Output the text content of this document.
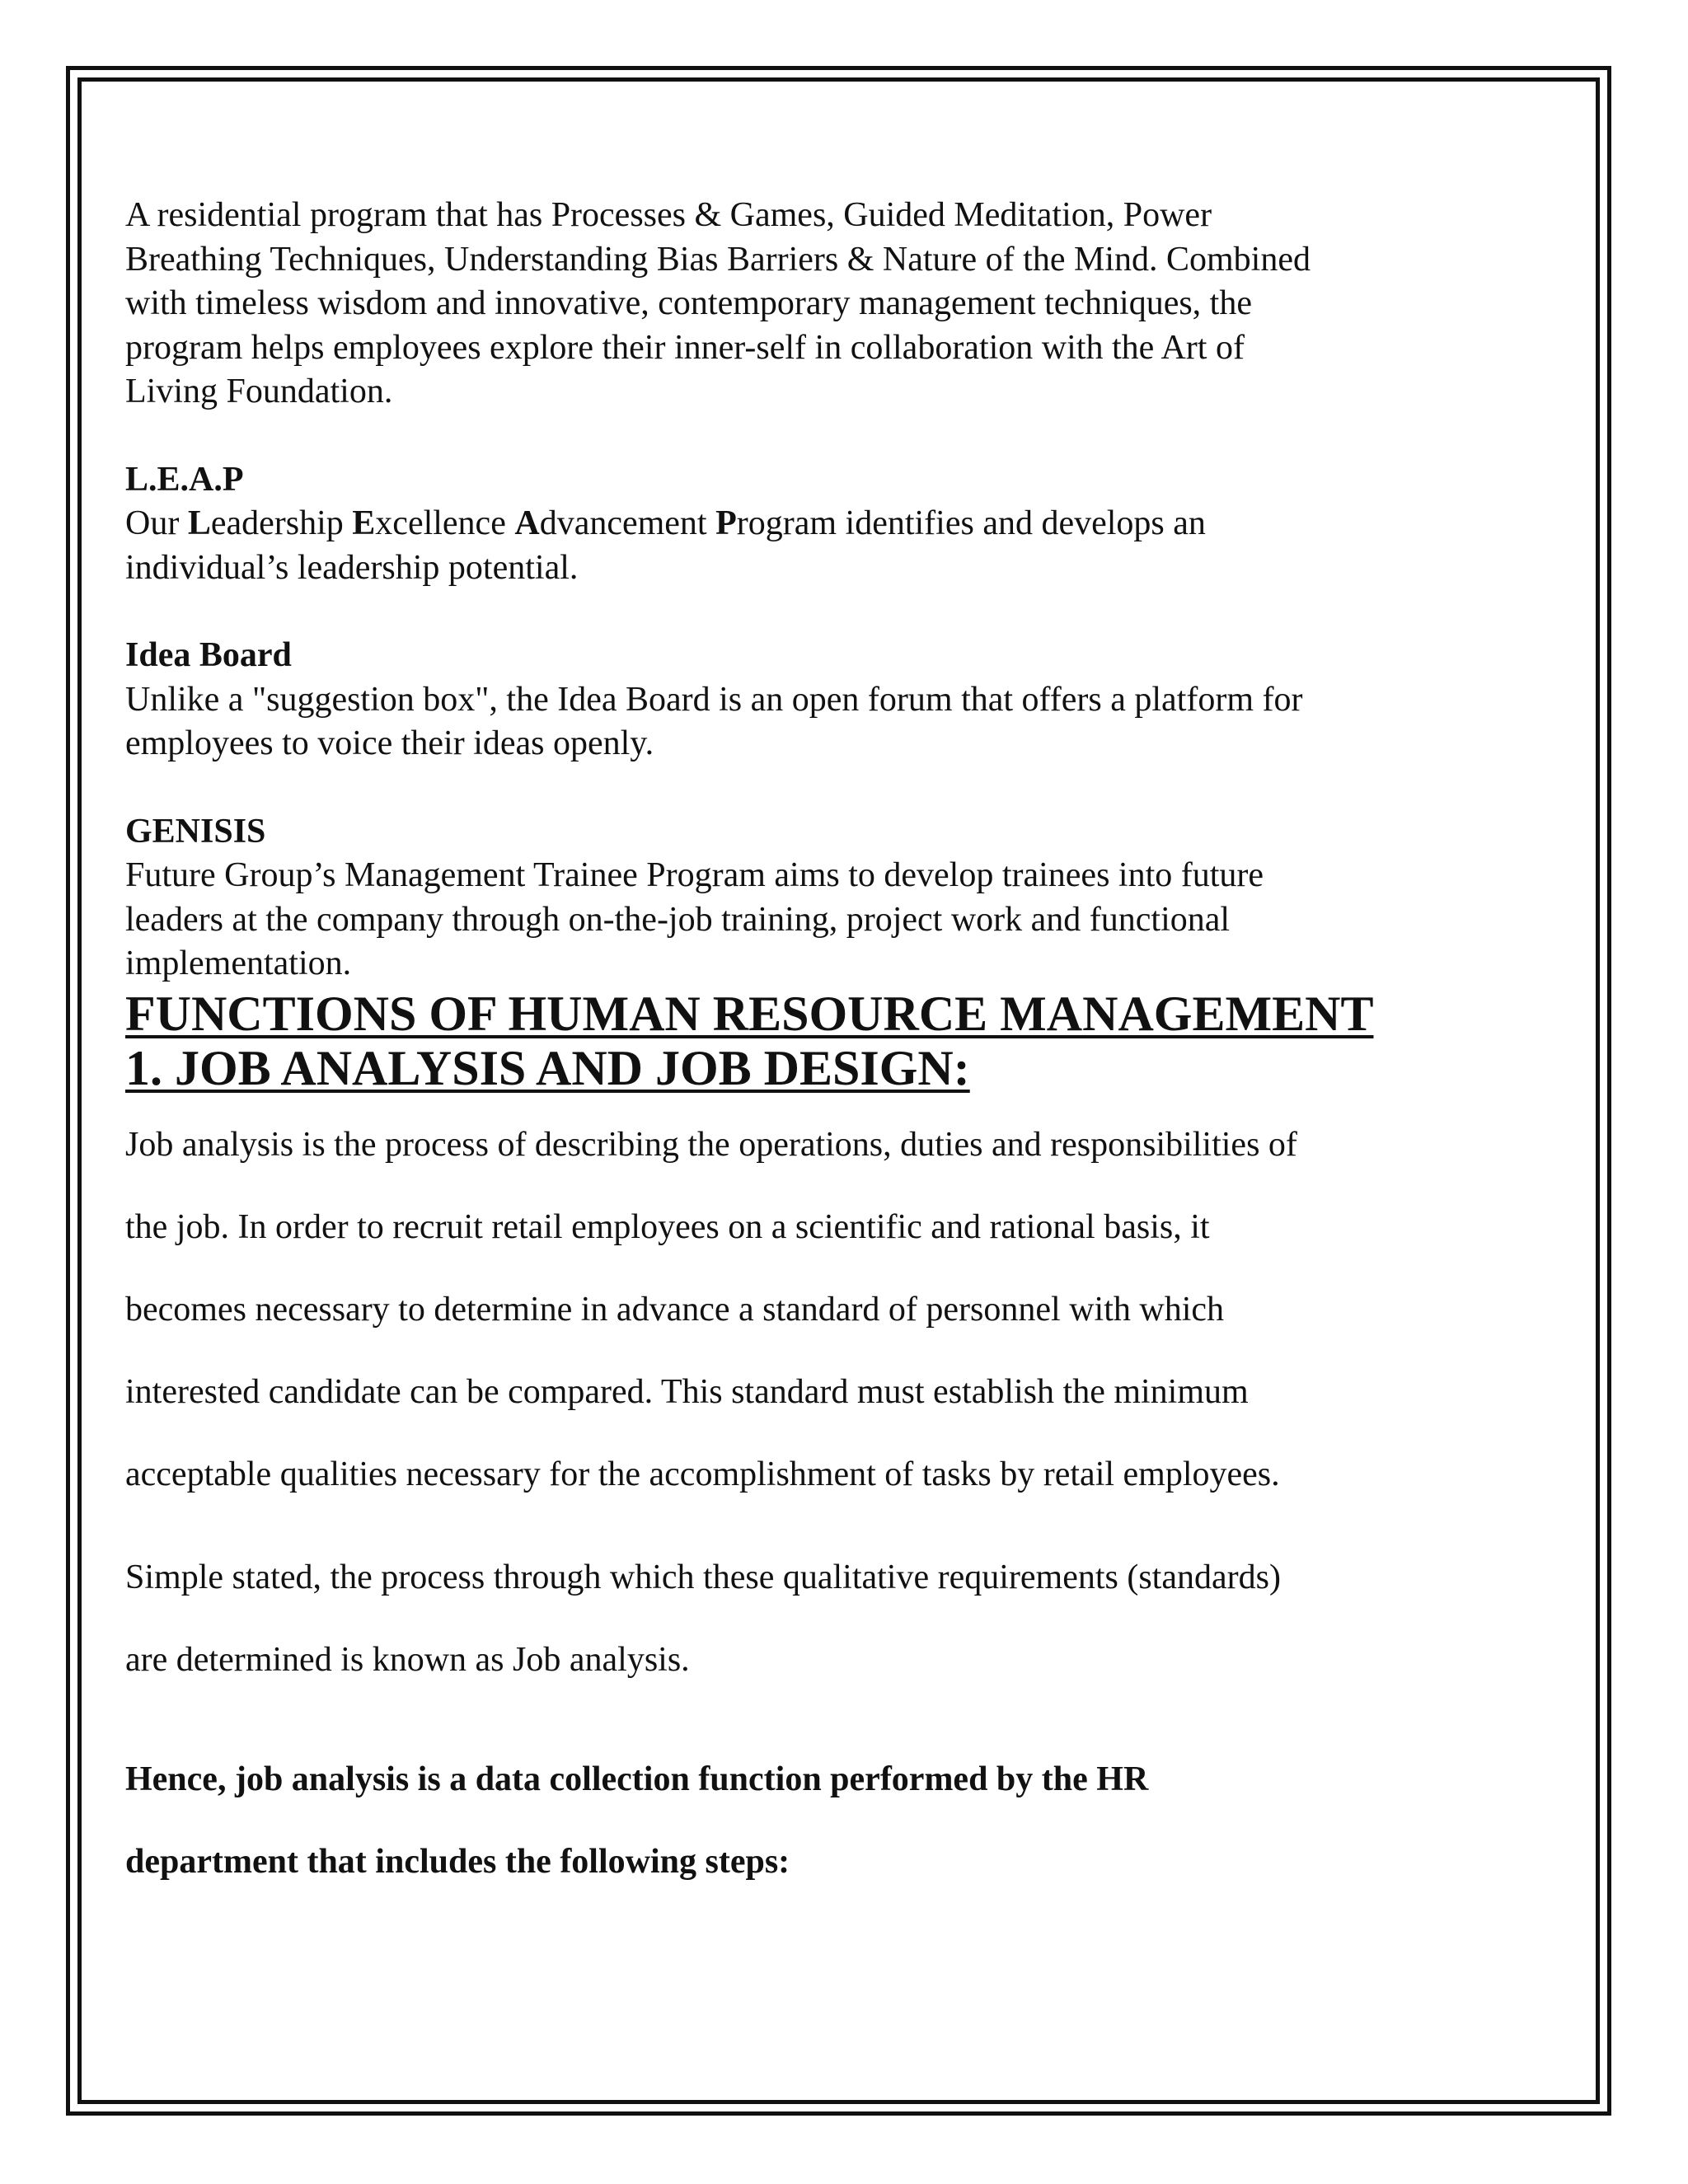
A residential program that has Processes & Games, Guided Meditation, Power

Breathing Techniques, Understanding Bias Barriers & Nature of the Mind. Combined

with timeless wisdom and innovative, contemporary management techniques, the

program helps employees explore their inner-self in collaboration with the Art of

Living Foundation.

L.E.A.P

Our Leadership Excellence Advancement Program identifies and develops an

individual’s leadership potential.

Idea Board

Unlike a "suggestion box", the Idea Board is an open forum that offers a platform for

employees to voice their ideas openly.

GENISIS

Future Group’s Management Trainee Program aims to develop trainees into future

leaders at the company through on-the-job training, project work and functional

implementation.

FUNCTIONS OF HUMAN RESOURCE MANAGEMENT

1. JOB ANALYSIS AND JOB DESIGN:

Job analysis is the process of describing the operations, duties and responsibilities of

the job. In order to recruit retail employees on a scientific and rational basis, it

becomes necessary to determine in advance a standard of personnel with which

interested candidate can be compared. This standard must establish the minimum

acceptable qualities necessary for the accomplishment of tasks by retail employees.

Simple stated, the process through which these qualitative requirements (standards)

are determined is known as Job analysis.

Hence, job analysis is a data collection function performed by the HR

department that includes the following steps:
